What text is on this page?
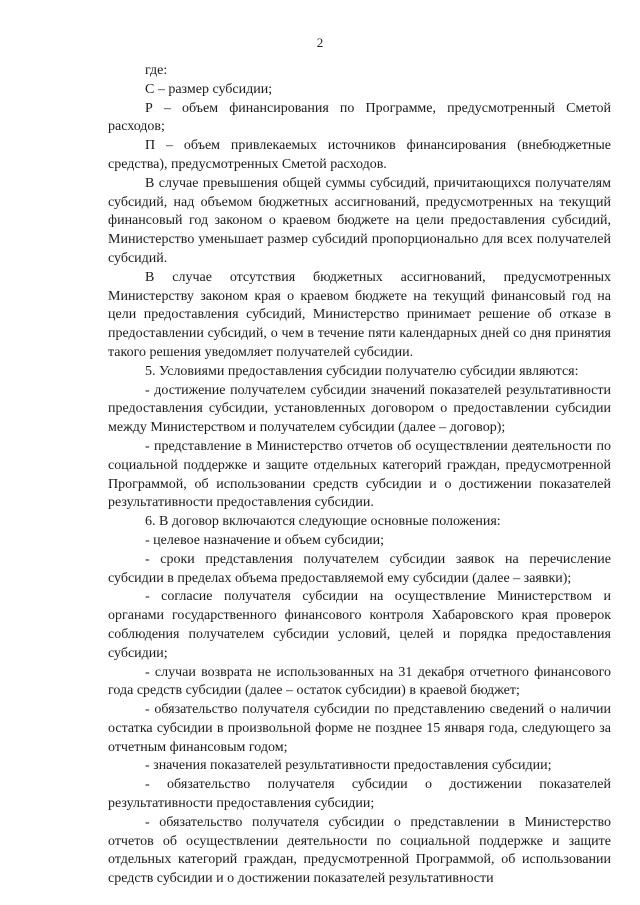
2

где:

С – размер субсидии;

Р – объем финансирования по Программе, предусмотренный Сметой расходов;

П – объем привлекаемых источников финансирования (внебюджетные средства), предусмотренных Сметой расходов.

В случае превышения общей суммы субсидий, причитающихся получателям субсидий, над объемом бюджетных ассигнований, предусмотренных на текущий финансовый год законом о краевом бюджете на цели предоставления субсидий, Министерство уменьшает размер субсидий пропорционально для всех получателей субсидий.

В случае отсутствия бюджетных ассигнований, предусмотренных Министерству законом края о краевом бюджете на текущий финансовый год на цели предоставления субсидий, Министерство принимает решение об отказе в предоставлении субсидий, о чем в течение пяти календарных дней со дня принятия такого решения уведомляет получателей субсидии.

5. Условиями предоставления субсидии получателю субсидии являются:

- достижение получателем субсидии значений показателей результативности предоставления субсидии, установленных договором о предоставлении субсидии между Министерством и получателем субсидии (далее – договор);

- представление в Министерство отчетов об осуществлении деятельности по социальной поддержке и защите отдельных категорий граждан, предусмотренной Программой, об использовании средств субсидии и о достижении показателей результативности предоставления субсидии.

6. В договор включаются следующие основные положения:

- целевое назначение и объем субсидии;

- сроки представления получателем субсидии заявок на перечисление субсидии в пределах объема предоставляемой ему субсидии (далее – заявки);

- согласие получателя субсидии на осуществление Министерством и органами государственного финансового контроля Хабаровского края проверок соблюдения получателем субсидии условий, целей и порядка предоставления субсидии;

- случаи возврата не использованных на 31 декабря отчетного финансового года средств субсидии (далее – остаток субсидии) в краевой бюджет;

- обязательство получателя субсидии по представлению сведений о наличии остатка субсидии в произвольной форме не позднее 15 января года, следующего за отчетным финансовым годом;

- значения показателей результативности предоставления субсидии;

- обязательство получателя субсидии о достижении показателей результативности предоставления субсидии;

- обязательство получателя субсидии о представлении в Министерство отчетов об осуществлении деятельности по социальной поддержке и защите отдельных категорий граждан, предусмотренной Программой, об использовании средств субсидии и о достижении показателей результативности
